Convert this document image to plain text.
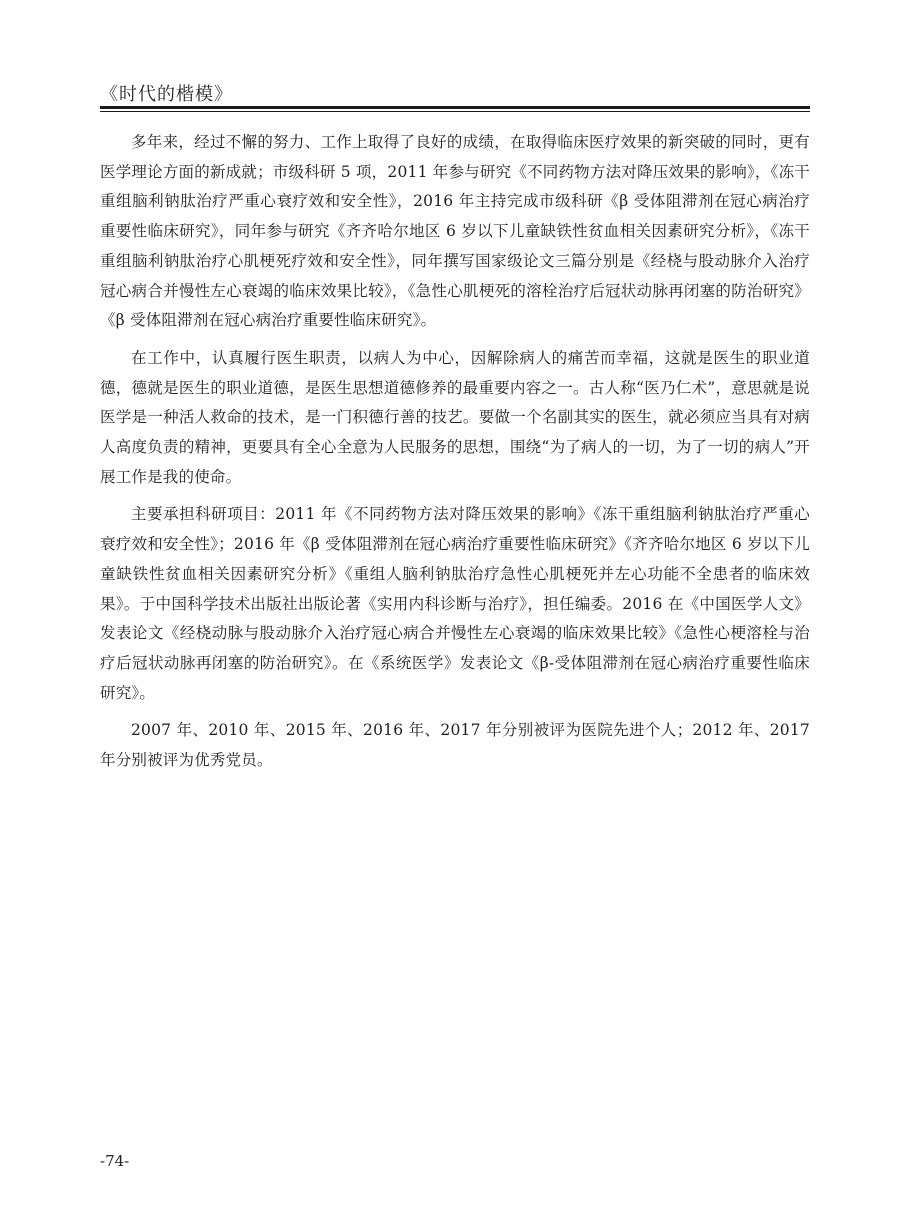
《时代的楷模》

多年来，经过不懈的努力、工作上取得了良好的成绩，在取得临床医疗效果的新突破的同时，更有医学理论方面的新成就；市级科研 5 项，2011 年参与研究《不同药物方法对降压效果的影响》，《冻干重组脑利钠肽治疗严重心衰疗效和安全性》，2016 年主持完成市级科研《β 受体阻滞剂在冠心病治疗重要性临床研究》，同年参与研究《齐齐哈尔地区 6 岁以下儿童缺铁性贫血相关因素研究分析》，《冻干重组脑利钠肽治疗心肌梗死疗效和安全性》，同年撰写国家级论文三篇分别是《经桡与股动脉介入治疗冠心病合并慢性左心衰竭的临床效果比较》，《急性心肌梗死的溶栓治疗后冠状动脉再闭塞的防治研究》《β 受体阻滞剂在冠心病治疗重要性临床研究》。

在工作中，认真履行医生职责，以病人为中心，因解除病人的痛苦而幸福，这就是医生的职业道德，德就是医生的职业道德，是医生思想道德修养的最重要内容之一。古人称“医乃仁术”，意思就是说医学是一种活人救命的技术，是一门积德行善的技艺。要做一个名副其实的医生，就必须应当具有对病人高度负责的精神，更要具有全心全意为人民服务的思想，围绕“为了病人的一切，为了一切的病人”开展工作是我的使命。

主要承担科研项目：2011 年《不同药物方法对降压效果的影响》《冻干重组脑利钠肽治疗严重心衰疗效和安全性》；2016 年《β 受体阻滞剂在冠心病治疗重要性临床研究》《齐齐哈尔地区 6 岁以下儿童缺铁性贫血相关因素研究分析》《重组人脑利钠肽治疗急性心肌梗死并左心功能不全患者的临床效果》。于中国科学技术出版社出版论著《实用内科诊断与治疗》，担任编委。2016 在《中国医学人文》发表论文《经桡动脉与股动脉介入治疗冠心病合并慢性左心衰竭的临床效果比较》《急性心梗溶栓与治疗后冠状动脉再闭塞的防治研究》。在《系统医学》发表论文《β-受体阻滞剂在冠心病治疗重要性临床研究》。

2007 年、2010 年、2015 年、2016 年、2017 年分别被评为医院先进个人；2012 年、2017 年分别被评为优秀党员。

-74-
